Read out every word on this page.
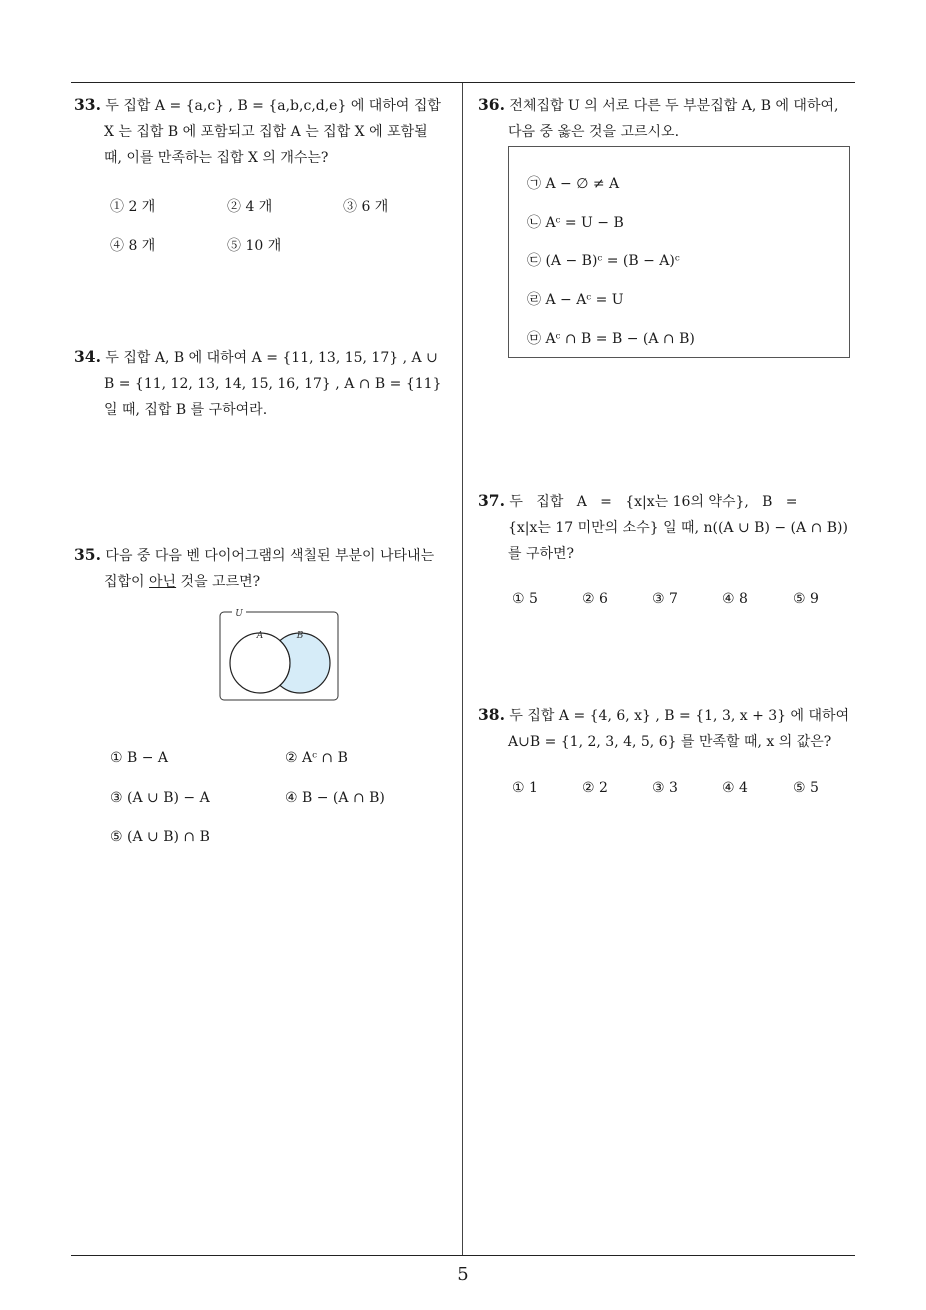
33. 두 집합 A = {a,c} , B = {a,b,c,d,e} 에 대하여 집합
X 는 집합 B 에 포함되고 집합 A 는 집합 X 에 포함될
때, 이를 만족하는 집합 X 의 개수는?
① 2 개	② 4 개	③ 6 개
④ 8 개	⑤ 10 개
34. 두 집합 A, B 에 대하여 A = {11, 13, 15, 17} , A ∪
B = {11, 12, 13, 14, 15, 16, 17} , A ∩ B = {11}
일 때, 집합 B 를 구하여라.
35. 다음 중 다음 벤 다이어그램의 색칠된 부분이 나타내는
집합이 아닌 것을 고르면?
U
A	B
① B − A	② Aᶜ ∩ B
③ (A ∪ B) − A	④ B − (A ∩ B)
⑤ (A ∪ B) ∩ B
36. 전체집합 U 의 서로 다른 두 부분집합 A, B 에 대하여,
다음 중 옳은 것을 고르시오.
㉠ A − ∅ ≠ A
㉡ Aᶜ = U − B
㉢ (A − B)ᶜ = (B − A)ᶜ
㉣ A − Aᶜ = U
㉤ Aᶜ ∩ B = B − (A ∩ B)
37. 두   집합   A   =   {x|x는 16의 약수},   B   =
{x|x는 17 미만의 소수} 일 때, n((A ∪ B) − (A ∩ B))
를 구하면?
① 5	② 6	③ 7	④ 8	⑤ 9
38. 두 집합 A = {4, 6, x} , B = {1, 3, x + 3} 에 대하여
A∪B = {1, 2, 3, 4, 5, 6} 를 만족할 때, x 의 값은?
① 1	② 2	③ 3	④ 4	⑤ 5
5
